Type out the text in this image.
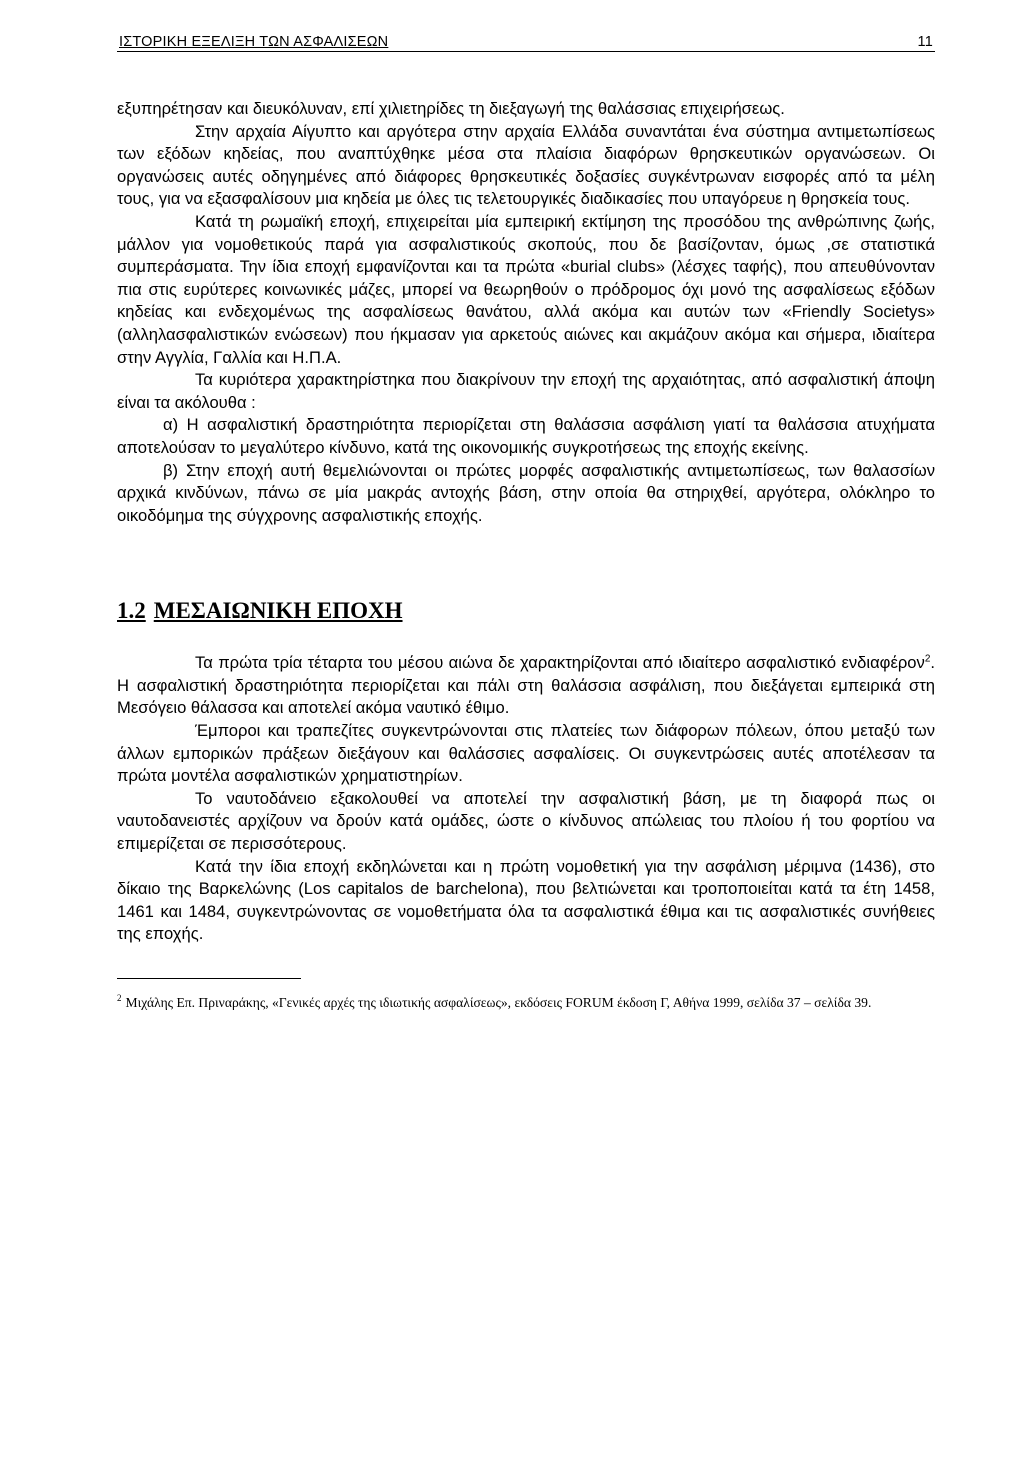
ΙΣΤΟΡΙΚΗ ΕΞΕΛΙΞΗ ΤΩΝ ΑΣΦΑΛΙΣΕΩΝ	11

εξυπηρέτησαν και διευκόλυναν, επί χιλιετηρίδες τη διεξαγωγή της θαλάσσιας επιχειρήσεως.

Στην αρχαία Αίγυπτο και αργότερα στην αρχαία Ελλάδα συναντάται ένα σύστημα αντιμετωπίσεως των εξόδων κηδείας, που αναπτύχθηκε μέσα στα πλαίσια διαφόρων θρησκευτικών οργανώσεων. Οι οργανώσεις αυτές οδηγημένες από διάφορες θρησκευτικές δοξασίες συγκέντρωναν εισφορές από τα μέλη τους, για να εξασφαλίσουν μια κηδεία με όλες τις τελετουργικές διαδικασίες που υπαγόρευε η θρησκεία τους.

Κατά τη ρωμαϊκή εποχή, επιχειρείται μία εμπειρική εκτίμηση της προσόδου της ανθρώπινης ζωής, μάλλον για νομοθετικούς παρά για ασφαλιστικούς σκοπούς, που δε βασίζονταν, όμως ,σε στατιστικά συμπεράσματα. Την ίδια εποχή εμφανίζονται και τα πρώτα «burial clubs» (λέσχες ταφής), που απευθύνονταν πια στις ευρύτερες κοινωνικές μάζες, μπορεί να θεωρηθούν ο πρόδρομος όχι μονό της ασφαλίσεως εξόδων κηδείας και ενδεχομένως της ασφαλίσεως θανάτου, αλλά ακόμα και αυτών των «Friendly Societys» (αλληλασφαλιστικών ενώσεων) που ήκμασαν για αρκετούς αιώνες και ακμάζουν ακόμα και σήμερα, ιδιαίτερα στην Αγγλία, Γαλλία και Η.Π.Α.

Τα κυριότερα χαρακτηρίστηκα που διακρίνουν την εποχή της αρχαιότητας, από ασφαλιστική άποψη είναι τα ακόλουθα :

α) Η ασφαλιστική δραστηριότητα περιορίζεται στη θαλάσσια ασφάλιση γιατί τα θαλάσσια ατυχήματα αποτελούσαν το μεγαλύτερο κίνδυνο, κατά της οικονομικής συγκροτήσεως της εποχής εκείνης.

β) Στην εποχή αυτή θεμελιώνονται οι πρώτες μορφές ασφαλιστικής αντιμετωπίσεως, των θαλασσίων αρχικά κινδύνων, πάνω σε μία μακράς αντοχής βάση, στην οποία θα στηριχθεί, αργότερα, ολόκληρο το οικοδόμημα της σύγχρονης ασφαλιστικής εποχής.

1.2 ΜΕΣΑΙΩΝΙΚΗ ΕΠΟΧΗ

Τα πρώτα τρία τέταρτα του μέσου αιώνα δε χαρακτηρίζονται από ιδιαίτερο ασφαλιστικό ενδιαφέρον$^2$. Η ασφαλιστική δραστηριότητα περιορίζεται και πάλι στη θαλάσσια ασφάλιση, που διεξάγεται εμπειρικά στη Μεσόγειο θάλασσα και αποτελεί ακόμα ναυτικό έθιμο.

Έμποροι και τραπεζίτες συγκεντρώνονται στις πλατείες των διάφορων πόλεων, όπου μεταξύ των άλλων εμπορικών πράξεων διεξάγουν και θαλάσσιες ασφαλίσεις. Οι συγκεντρώσεις αυτές αποτέλεσαν τα πρώτα μοντέλα ασφαλιστικών χρηματιστηρίων.

Το ναυτοδάνειο εξακολουθεί να αποτελεί την ασφαλιστική βάση, με τη διαφορά πως οι ναυτοδανειστές αρχίζουν να δρούν κατά ομάδες, ώστε ο κίνδυνος απώλειας του πλοίου ή του φορτίου να επιμερίζεται σε περισσότερους.

Κατά την ίδια εποχή εκδηλώνεται και η πρώτη νομοθετική για την ασφάλιση μέριμνα (1436), στο δίκαιο της Βαρκελώνης (Los capitalos de barchelona), που βελτιώνεται και τροποποιείται κατά τα έτη 1458, 1461 και 1484, συγκεντρώνοντας σε νομοθετήματα όλα τα ασφαλιστικά έθιμα και τις ασφαλιστικές συνήθειες της εποχής.

$^2$ Μιχάλης Επ. Πριναράκης, «Γενικές αρχές της ιδιωτικής ασφαλίσεως», εκδόσεις FORUM έκδοση Γ, Αθήνα 1999, σελίδα 37 – σελίδα 39.
